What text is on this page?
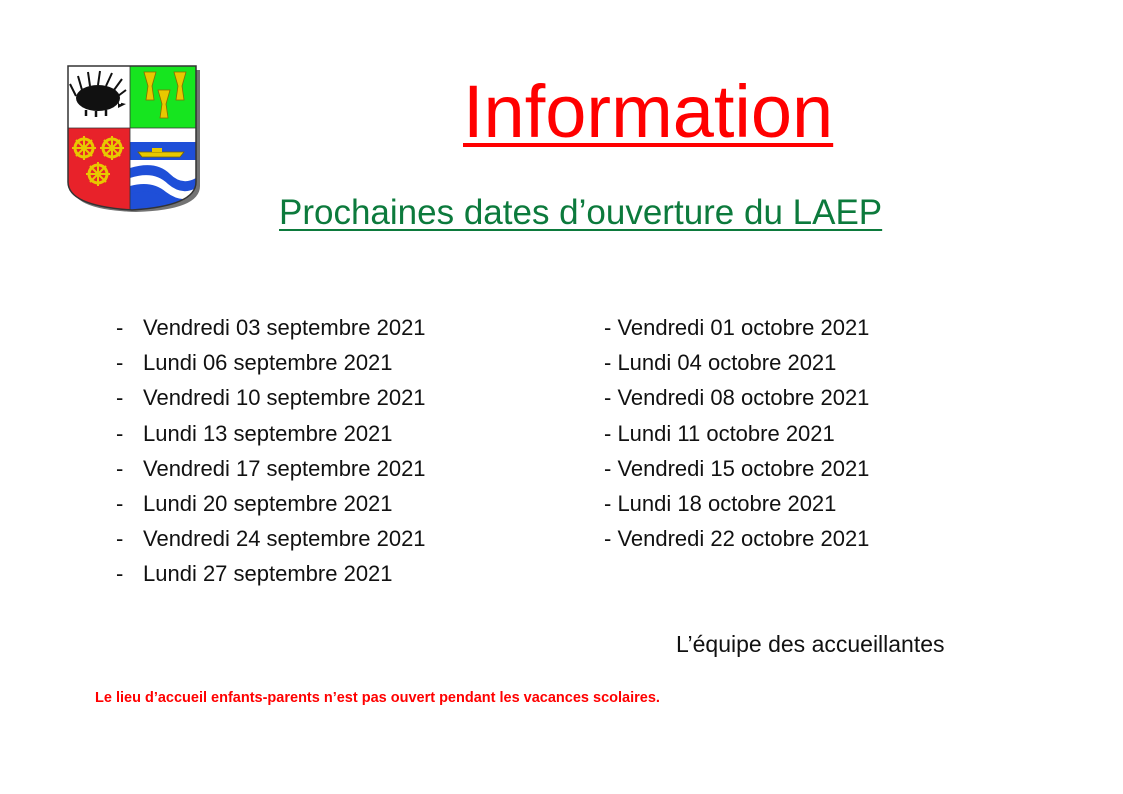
Information
Prochaines dates d’ouverture du LAEP
- Vendredi 03 septembre 2021
- Lundi 06 septembre 2021
- Vendredi 10 septembre 2021
- Lundi 13 septembre 2021
- Vendredi 17 septembre 2021
- Lundi 20 septembre 2021
- Vendredi 24 septembre 2021
- Lundi 27 septembre 2021
- Vendredi 01 octobre 2021
- Lundi 04 octobre 2021
- Vendredi 08 octobre 2021
- Lundi 11 octobre 2021
- Vendredi 15 octobre 2021
- Lundi 18 octobre 2021
- Vendredi 22 octobre 2021
L’équipe des accueillantes
Le lieu d’accueil enfants-parents n’est pas ouvert pendant les vacances scolaires.
